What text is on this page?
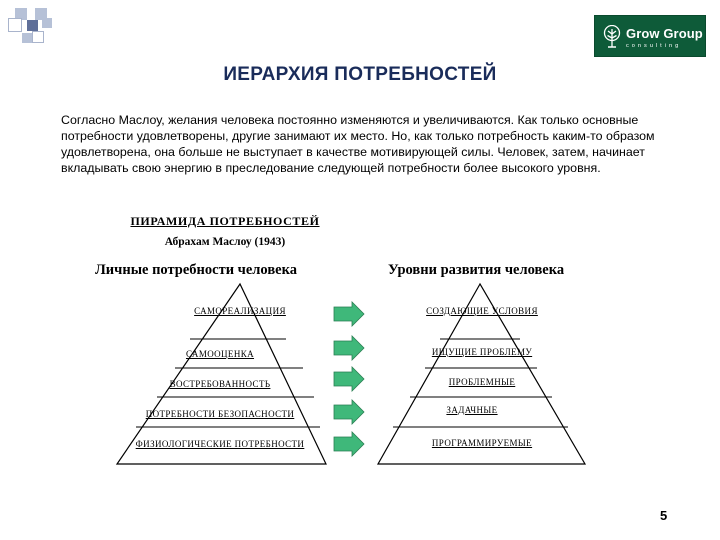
Grow Group
consulting
ИЕРАРХИЯ ПОТРЕБНОСТЕЙ
Согласно Маслоу, желания человека постоянно изменяются и увеличиваются. Как только основные потребности удовлетворены, другие занимают их место. Но, как только потребность каким-то образом удовлетворена, она больше не выступает в качестве мотивирующей силы. Человек, затем, начинает вкладывать свою энергию в преследование следующей потребности более высокого уровня.
ПИРАМИДА ПОТРЕБНОСТЕЙ
Абрахам Маслоу (1943)
Личные потребности человека	Уровни развития человека
САМОРЕАЛИЗАЦИЯ
САМООЦЕНКА
ВОСТРЕБОВАННОСТЬ
ПОТРЕБНОСТИ БЕЗОПАСНОСТИ
ФИЗИОЛОГИЧЕСКИЕ ПОТРЕБНОСТИ
СОЗДАЮЩИЕ УСЛОВИЯ
ИЩУЩИЕ ПРОБЛЕМУ
ПРОБЛЕМНЫЕ
ЗАДАЧНЫЕ
ПРОГРАММИРУЕМЫЕ
5
